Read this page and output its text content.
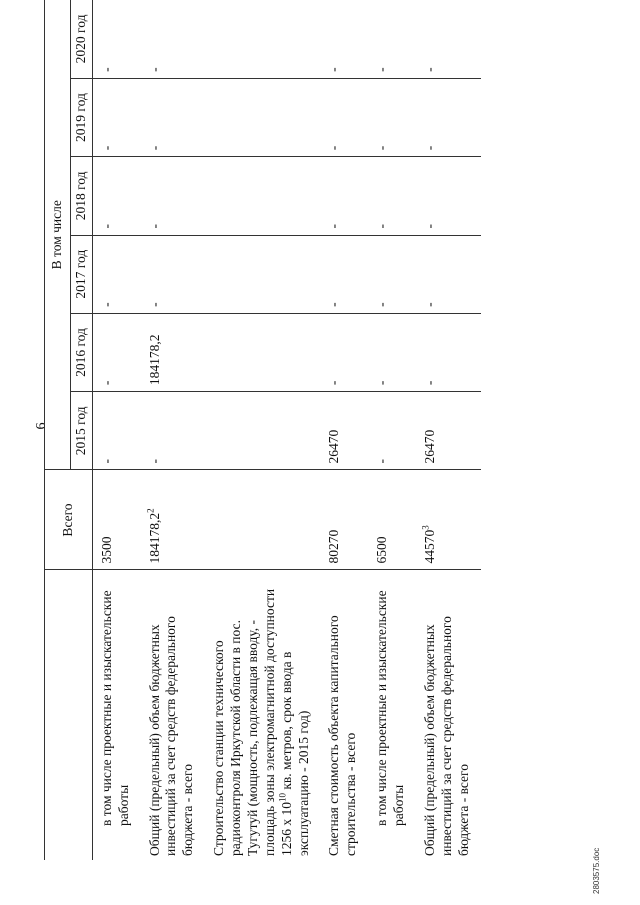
6
	Всего	В том числе					
		2015 год	2016 год	2017 год	2018 год	2019 год	2020 год
в том числе проектные и изыскательские работы	3500	-	-	-	-	-	-
Общий (предельный) объем бюджетных инвестиций за счет средств федерального бюджета - всего	184178,2$^2$	-	184178,2	-	-	-	-
Строительство станции технического радиоконтроля Иркутской области в пос. Тугутуй (мощность, подлежащая вводу, - площадь зоны электромагнитной доступности 1256 x $10^{10}$ кв. метров, срок ввода в эксплуатацию - 2015 год)							
Сметная стоимость объекта капитального строительства - всего	80270	26470	-	-	-	-	-
в том числе проектные и изыскательские работы	6500	-	-	-	-	-	-
Общий (предельный) объем бюджетных инвестиций за счет средств федерального бюджета - всего	44570$^3$	26470	-	-	-	-	-
2803575.doc
